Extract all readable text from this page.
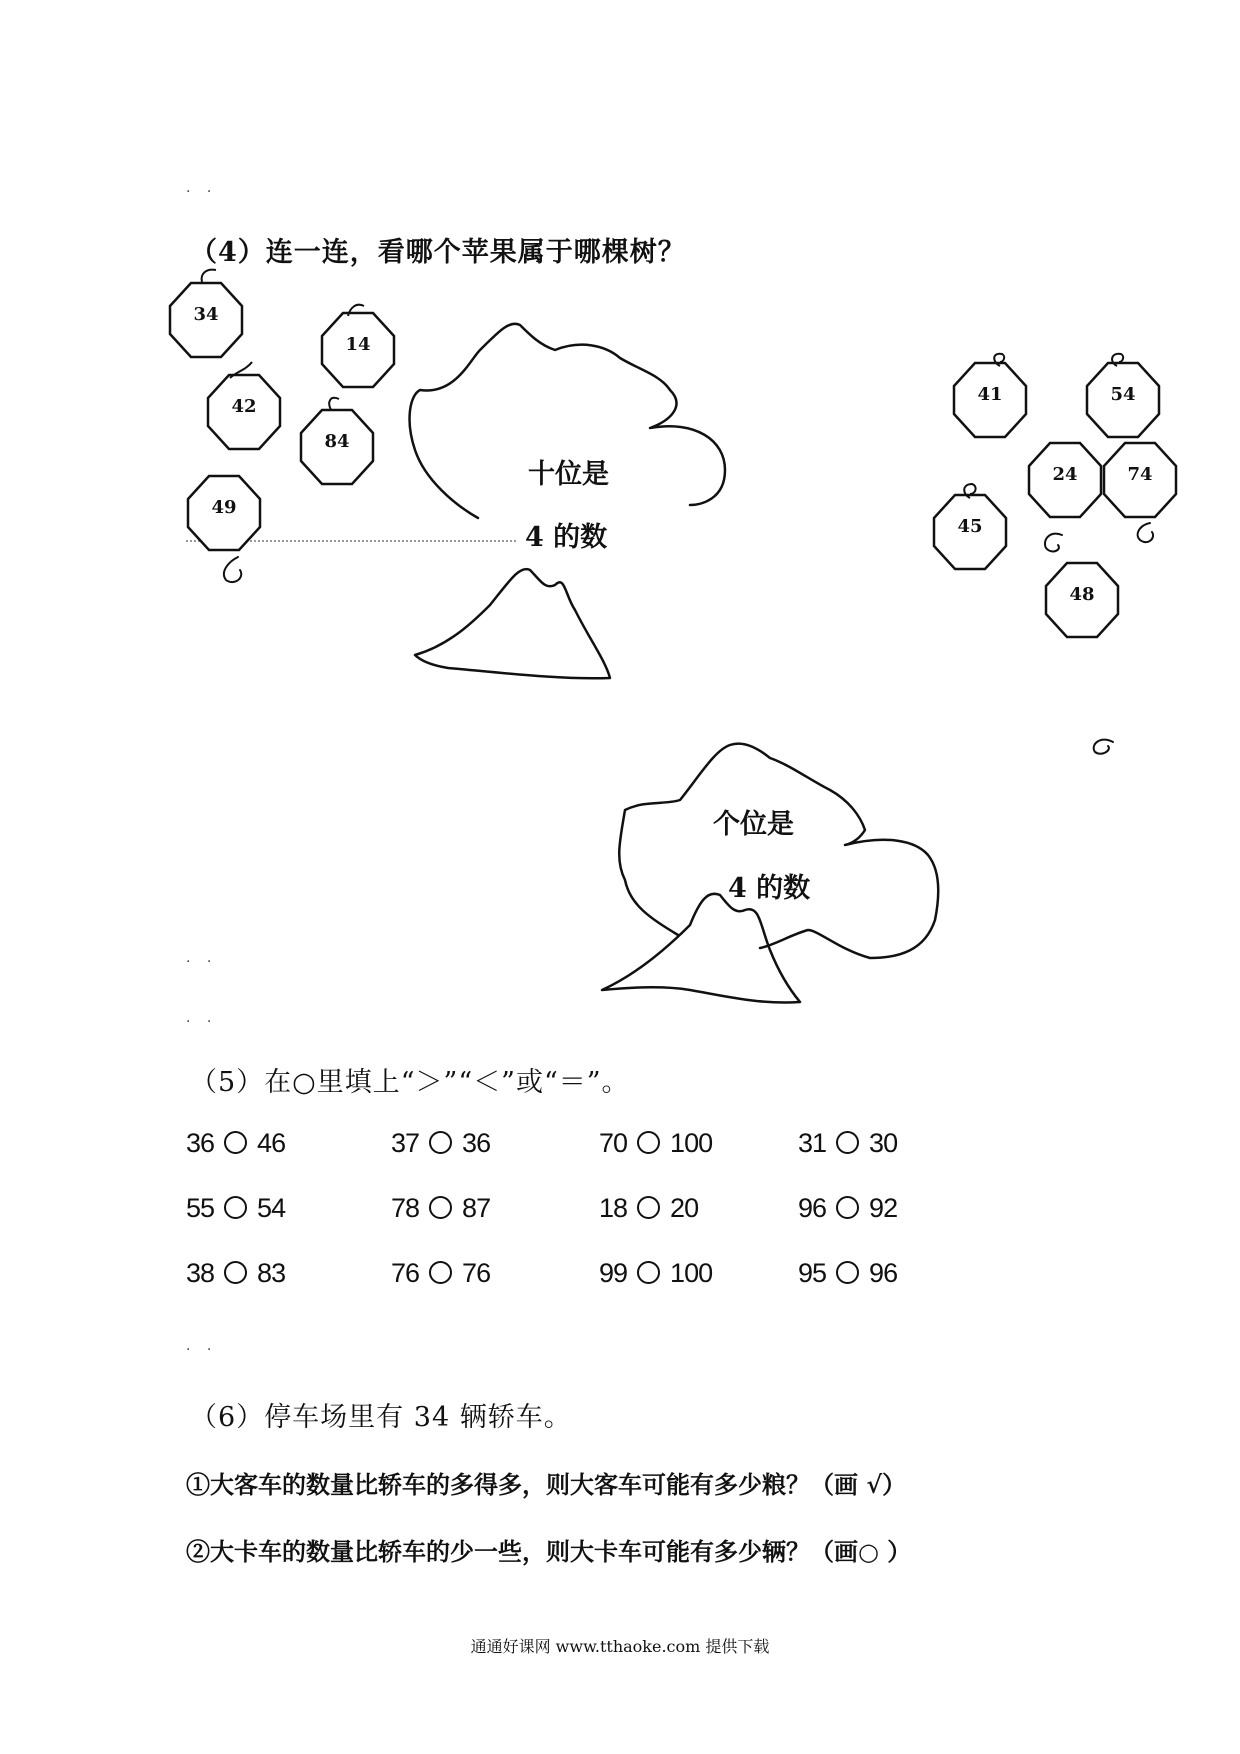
. .
（4）连一连，看哪个苹果属于哪棵树？
十位是
4 的数
个位是
4 的数
34
14
42
84
49
41	54
24	74
45
48
. .
. .
（5）在○里填上“＞”“＜”或“＝”。
36 46	37 36	70 100	31 30
55 54	78 87	18 20	96 92
38 83	76 76	99 100	95 96
. .
（6）停车场里有 34 辆轿车。
①大客车的数量比轿车的多得多，则大客车可能有多少粮？（画 √）
②大卡车的数量比轿车的少一些，则大卡车可能有多少辆？（画○ ）
通通好课网 www.tthaoke.com 提供下载
